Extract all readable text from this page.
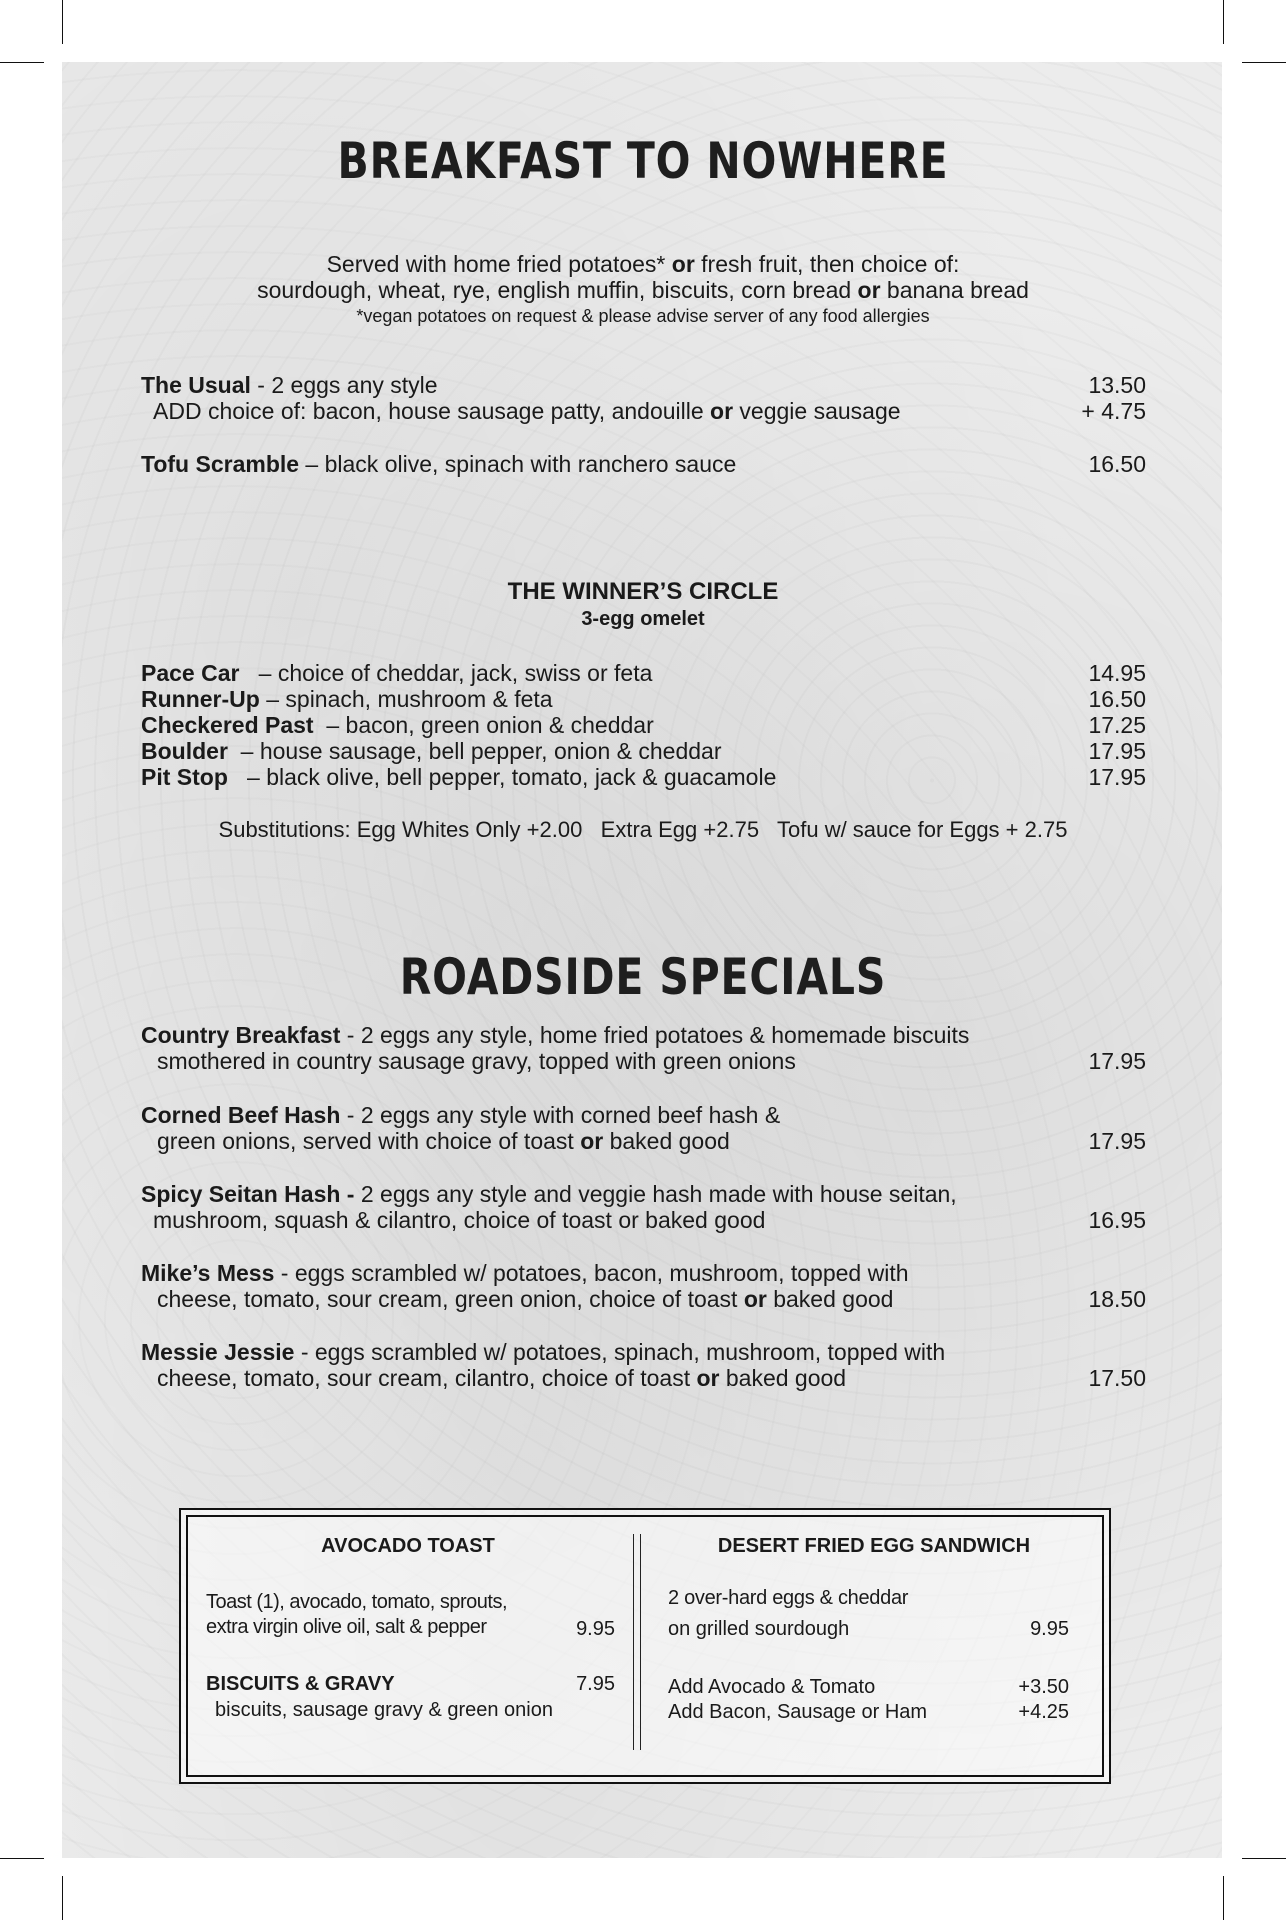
BREAKFAST TO NOWHERE
Served with home fried potatoes* or fresh fruit, then choice of:
sourdough, wheat, rye, english muffin, biscuits, corn bread or banana bread
*vegan potatoes on request & please advise server of any food allergies
The Usual - 2 eggs any style	13.50
ADD choice of: bacon, house sausage patty, andouille or veggie sausage	+ 4.75
Tofu Scramble – black olive, spinach with ranchero sauce	16.50
THE WINNER’S CIRCLE
3-egg omelet
Pace Car   – choice of cheddar, jack, swiss or feta	14.95
Runner-Up – spinach, mushroom & feta	16.50
Checkered Past  – bacon, green onion & cheddar	17.25
Boulder  – house sausage, bell pepper, onion & cheddar	17.95
Pit Stop   – black olive, bell pepper, tomato, jack & guacamole	17.95
Substitutions: Egg Whites Only +2.00   Extra Egg +2.75   Tofu w/ sauce for Eggs + 2.75
ROADSIDE SPECIALS
Country Breakfast - 2 eggs any style, home fried potatoes & homemade biscuits
smothered in country sausage gravy, topped with green onions	17.95
Corned Beef Hash - 2 eggs any style with corned beef hash &
green onions, served with choice of toast or baked good	17.95
Spicy Seitan Hash - 2 eggs any style and veggie hash made with house seitan,
mushroom, squash & cilantro, choice of toast or baked good	16.95
Mike’s Mess - eggs scrambled w/ potatoes, bacon, mushroom, topped with
cheese, tomato, sour cream, green onion, choice of toast or baked good	18.50
Messie Jessie - eggs scrambled w/ potatoes, spinach, mushroom, topped with
cheese, tomato, sour cream, cilantro, choice of toast or baked good	17.50
AVOCADO TOAST
Toast (1), avocado, tomato, sprouts,
extra virgin olive oil, salt & pepper	9.95
BISCUITS & GRAVY	7.95
biscuits, sausage gravy & green onion
DESERT FRIED EGG SANDWICH
2 over-hard eggs & cheddar
on grilled sourdough	9.95
Add Avocado & Tomato	+3.50
Add Bacon, Sausage or Ham	+4.25
